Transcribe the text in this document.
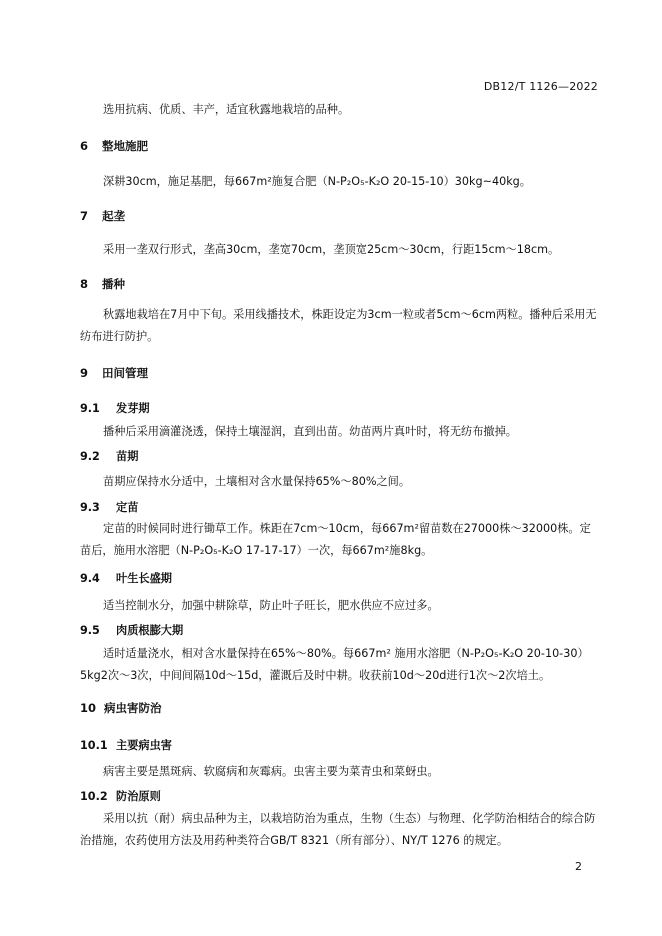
DB12/T 1126—2022
选用抗病、优质、丰产，适宜秋露地栽培的品种。
6 整地施肥
深耕30cm，施足基肥，每667m²施复合肥（N-P₂O₅-K₂O 20-15-10）30kg~40kg。
7 起垄
采用一垄双行形式，垄高30cm，垄宽70cm，垄顶宽25cm～30cm，行距15cm～18cm。
8 播种
秋露地栽培在7月中下旬。采用线播技术，株距设定为3cm一粒或者5cm～6cm两粒。播种后采用无纺布进行防护。
9 田间管理
9.1 发芽期
播种后采用滴灌浇透，保持土壤湿润，直到出苗。幼苗两片真叶时，将无纺布撤掉。
9.2 苗期
苗期应保持水分适中，土壤相对含水量保持65%～80%之间。
9.3 定苗
定苗的时候同时进行锄草工作。株距在7cm～10cm，每667m²留苗数在27000株～32000株。定苗后，施用水溶肥（N-P₂O₅-K₂O 17-17-17）一次，每667m²施8kg。
9.4 叶生长盛期
适当控制水分，加强中耕除草，防止叶子旺长，肥水供应不应过多。
9.5 肉质根膨大期
适时适量浇水，相对含水量保持在65%～80%。每667m² 施用水溶肥（N-P₂O₅-K₂O 20-10-30）5kg2次～3次，中间间隔10d～15d，灌溉后及时中耕。收获前10d～20d进行1次～2次培土。
10 病虫害防治
10.1 主要病虫害
病害主要是黑斑病、软腐病和灰霉病。虫害主要为菜青虫和菜蚜虫。
10.2 防治原则
采用以抗（耐）病虫品种为主，以栽培防治为重点，生物（生态）与物理、化学防治相结合的综合防治措施，农药使用方法及用药种类符合GB/T 8321（所有部分）、NY/T 1276 的规定。
2
